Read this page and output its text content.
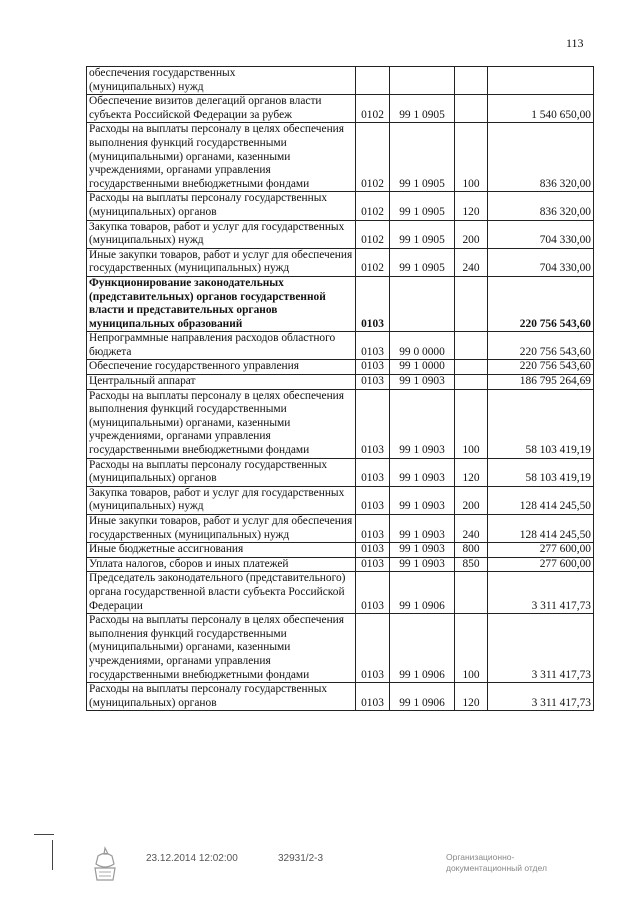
113
обеспечения государственных
(муниципальных) нужд				
Обеспечение визитов делегаций органов власти субъекта Российской Федерации за рубеж	0102	99 1 0905		1 540 650,00
Расходы на выплаты персоналу в целях обеспечения выполнения функций государственными (муниципальными) органами, казенными учреждениями, органами управления государственными внебюджетными фондами	0102	99 1 0905	100	836 320,00
Расходы на выплаты персоналу государственных (муниципальных) органов	0102	99 1 0905	120	836 320,00
Закупка товаров, работ и услуг для государственных (муниципальных) нужд	0102	99 1 0905	200	704 330,00
Иные закупки товаров, работ и услуг для обеспечения государственных (муниципальных) нужд	0102	99 1 0905	240	704 330,00
Функционирование законодательных (представительных) органов государственной власти и представительных органов муниципальных образований	0103			220 756 543,60
Непрограммные направления расходов областного бюджета	0103	99 0 0000		220 756 543,60
Обеспечение государственного управления	0103	99 1 0000		220 756 543,60
Центральный аппарат	0103	99 1 0903		186 795 264,69
Расходы на выплаты персоналу в целях обеспечения выполнения функций государственными (муниципальными) органами, казенными учреждениями, органами управления государственными внебюджетными фондами	0103	99 1 0903	100	58 103 419,19
Расходы на выплаты персоналу государственных (муниципальных) органов	0103	99 1 0903	120	58 103 419,19
Закупка товаров, работ и услуг для государственных (муниципальных) нужд	0103	99 1 0903	200	128 414 245,50
Иные закупки товаров, работ и услуг для обеспечения государственных (муниципальных) нужд	0103	99 1 0903	240	128 414 245,50
Иные бюджетные ассигнования	0103	99 1 0903	800	277 600,00
Уплата налогов, сборов и иных платежей	0103	99 1 0903	850	277 600,00
Председатель законодательного (представительного) органа государственной власти субъекта Российской Федерации	0103	99 1 0906		3 311 417,73
Расходы на выплаты персоналу в целях обеспечения выполнения функций государственными (муниципальными) органами, казенными учреждениями, органами управления государственными внебюджетными фондами	0103	99 1 0906	100	3 311 417,73
Расходы на выплаты персоналу государственных (муниципальных) органов	0103	99 1 0906	120	3 311 417,73
23.12.2014 12:02:00	32931/2-3	Организационно-
документационный отдел
